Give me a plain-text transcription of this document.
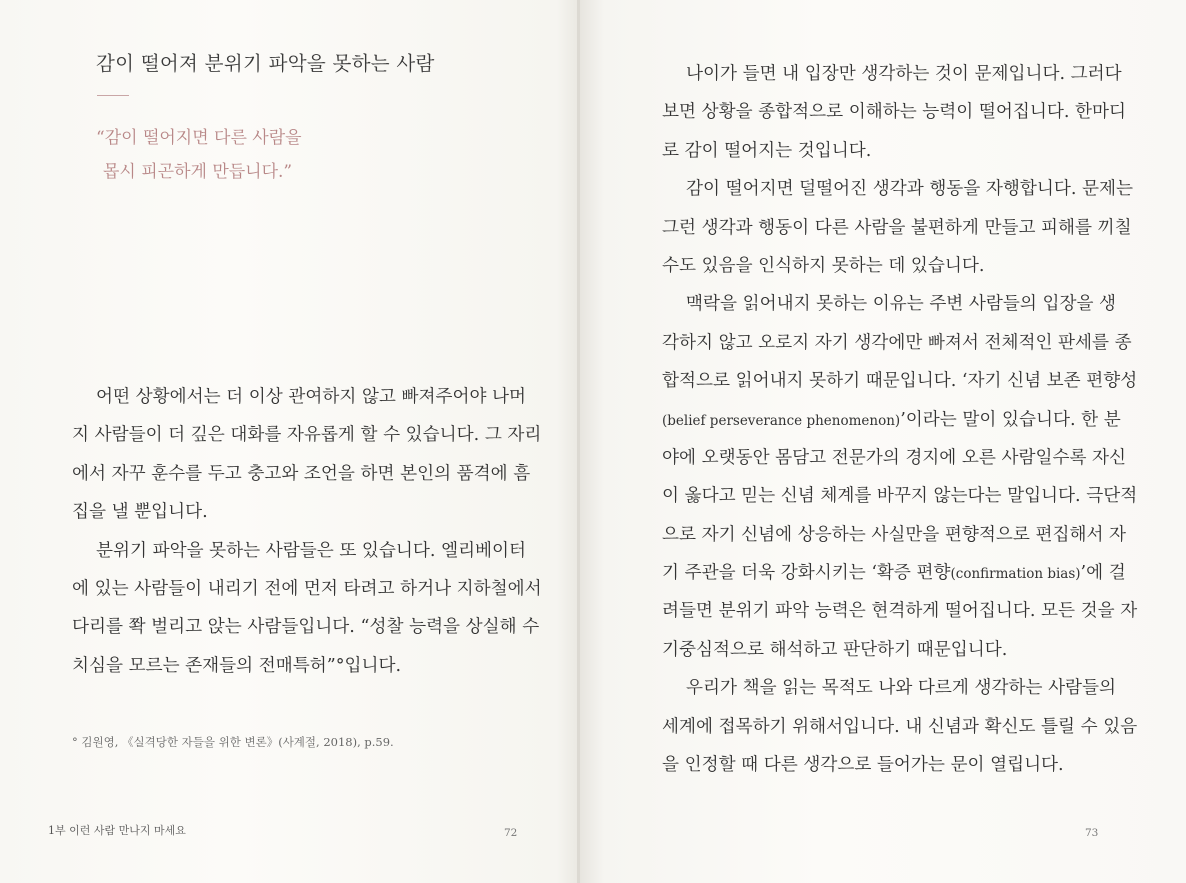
감이 떨어져 분위기 파악을 못하는 사람
“감이 떨어지면 다른 사람을
몹시 피곤하게 만듭니다.”
어떤 상황에서는 더 이상 관여하지 않고 빠져주어야 나머
지 사람들이 더 깊은 대화를 자유롭게 할 수 있습니다. 그 자리
에서 자꾸 훈수를 두고 충고와 조언을 하면 본인의 품격에 흠
집을 낼 뿐입니다.
분위기 파악을 못하는 사람들은 또 있습니다. 엘리베이터
에 있는 사람들이 내리기 전에 먼저 타려고 하거나 지하철에서
다리를 쫙 벌리고 앉는 사람들입니다. “성찰 능력을 상실해 수
치심을 모르는 존재들의 전매특허”°입니다.
° 김원영, 《실격당한 자들을 위한 변론》(사계절, 2018), p.59.
1부 이런 사람 만나지 마세요	72	73
나이가 들면 내 입장만 생각하는 것이 문제입니다. 그러다
보면 상황을 종합적으로 이해하는 능력이 떨어집니다. 한마디
로 감이 떨어지는 것입니다.
감이 떨어지면 덜떨어진 생각과 행동을 자행합니다. 문제는
그런 생각과 행동이 다른 사람을 불편하게 만들고 피해를 끼칠
수도 있음을 인식하지 못하는 데 있습니다.
맥락을 읽어내지 못하는 이유는 주변 사람들의 입장을 생
각하지 않고 오로지 자기 생각에만 빠져서 전체적인 판세를 종
합적으로 읽어내지 못하기 때문입니다. ‘자기 신념 보존 편향성
(belief perseverance phenomenon)’이라는 말이 있습니다. 한 분
야에 오랫동안 몸담고 전문가의 경지에 오른 사람일수록 자신
이 옳다고 믿는 신념 체계를 바꾸지 않는다는 말입니다. 극단적
으로 자기 신념에 상응하는 사실만을 편향적으로 편집해서 자
기 주관을 더욱 강화시키는 ‘확증 편향(confirmation bias)’에 걸
려들면 분위기 파악 능력은 현격하게 떨어집니다. 모든 것을 자
기중심적으로 해석하고 판단하기 때문입니다.
우리가 책을 읽는 목적도 나와 다르게 생각하는 사람들의
세계에 접목하기 위해서입니다. 내 신념과 확신도 틀릴 수 있음
을 인정할 때 다른 생각으로 들어가는 문이 열립니다.
